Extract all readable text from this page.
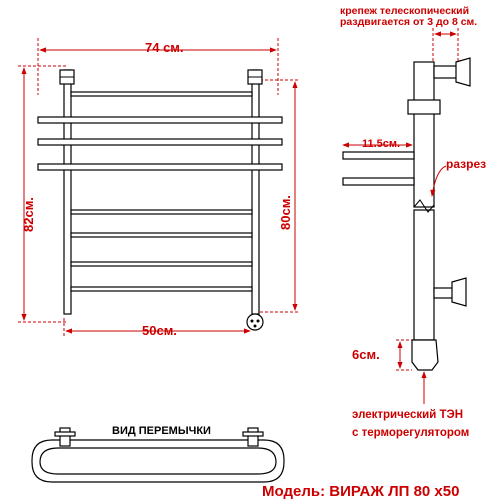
74 см.
82см.	80см.
50см.
крепеж телескопический
раздвигается от 3 до 8 см.
11.5см.
разрез
6см.
электрический ТЭН
с терморегулятором
ВИД ПЕРЕМЫЧКИ
Модель: ВИРАЖ ЛП 80 х50
